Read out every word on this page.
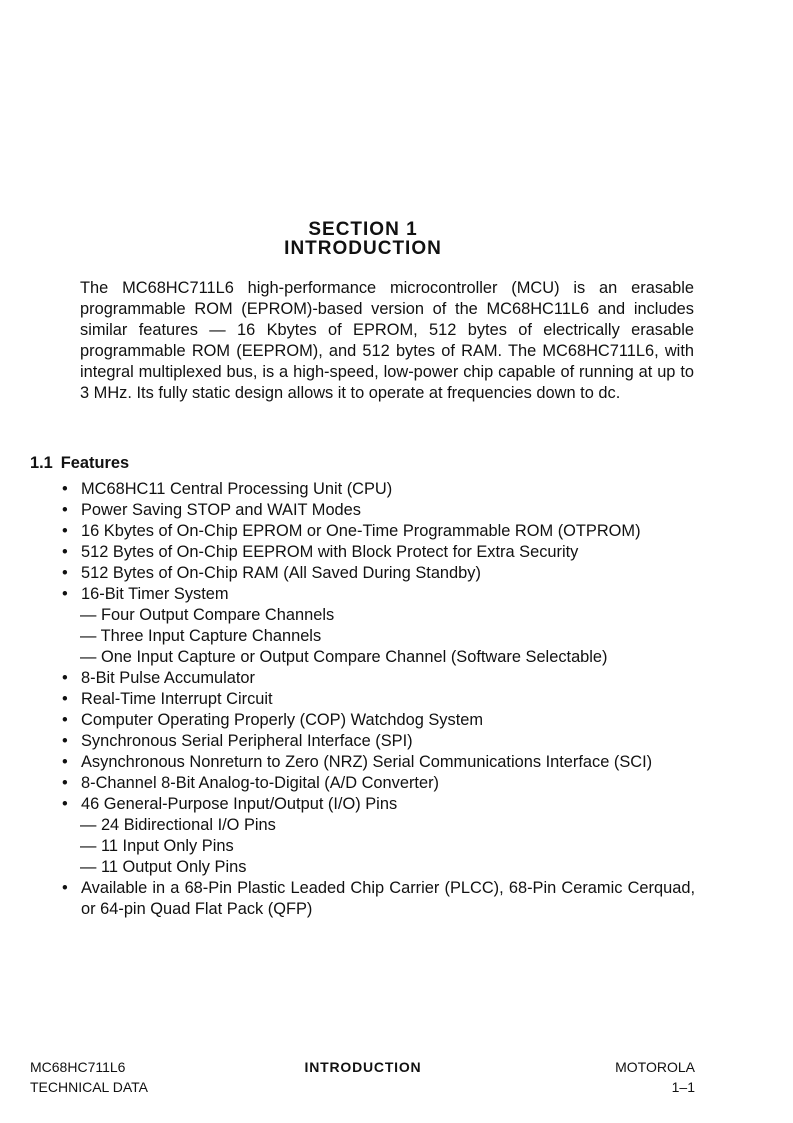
SECTION 1
INTRODUCTION

The MC68HC711L6 high-performance microcontroller (MCU) is an erasable programmable ROM (EPROM)-based version of the MC68HC11L6 and includes similar features — 16 Kbytes of EPROM, 512 bytes of electrically erasable programmable ROM (EEPROM), and 512 bytes of RAM. The MC68HC711L6, with integral multiplexed bus, is a high-speed, low-power chip capable of running at up to 3 MHz. Its fully static design allows it to operate at frequencies down to dc.

1.1 Features
• MC68HC11 Central Processing Unit (CPU)
• Power Saving STOP and WAIT Modes
• 16 Kbytes of On-Chip EPROM or One-Time Programmable ROM (OTPROM)
• 512 Bytes of On-Chip EEPROM with Block Protect for Extra Security
• 512 Bytes of On-Chip RAM (All Saved During Standby)
• 16-Bit Timer System
— Four Output Compare Channels
— Three Input Capture Channels
— One Input Capture or Output Compare Channel (Software Selectable)
• 8-Bit Pulse Accumulator
• Real-Time Interrupt Circuit
• Computer Operating Properly (COP) Watchdog System
• Synchronous Serial Peripheral Interface (SPI)
• Asynchronous Nonreturn to Zero (NRZ) Serial Communications Interface (SCI)
• 8-Channel 8-Bit Analog-to-Digital (A/D Converter)
• 46 General-Purpose Input/Output (I/O) Pins
— 24 Bidirectional I/O Pins
— 11 Input Only Pins
— 11 Output Only Pins
• Available in a 68-Pin Plastic Leaded Chip Carrier (PLCC), 68-Pin Ceramic Cerquad, or 64-pin Quad Flat Pack (QFP)
MC68HC711L6
TECHNICAL DATA
INTRODUCTION	MOTOROLA
1–1
